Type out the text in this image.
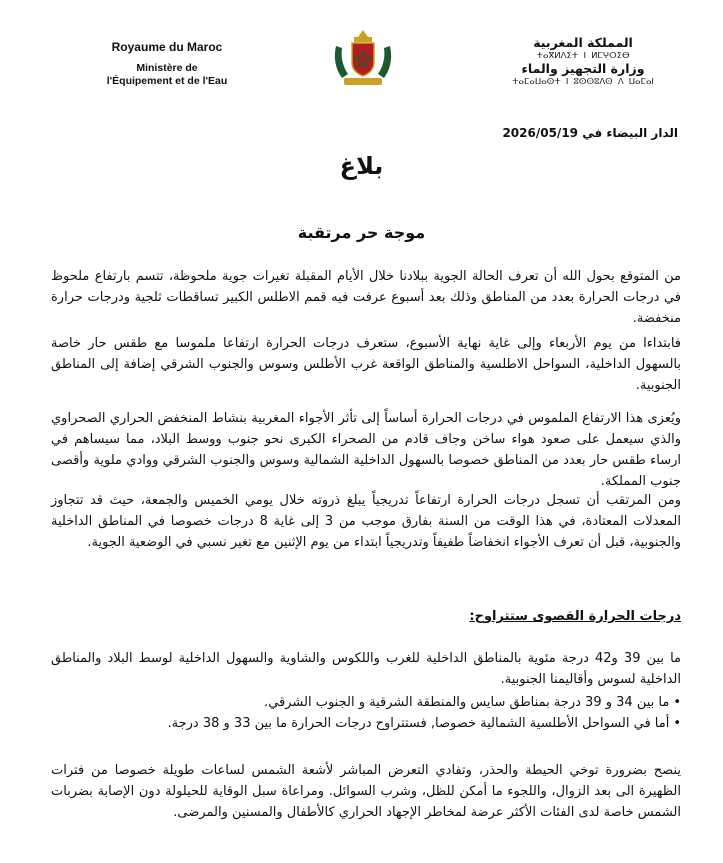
Royaume du Maroc
Ministère de
l'Équipement et de l'Eau
المملكة المغربية
ⵜⴰⴳⵍⴷⵉⵜ ⵏ ⵍⵎⵖⵔⵉⴱ
وزارة التجهيز والماء
ⵜⴰⵎⴰⵡⴰⵙⵜ ⵏ ⵓⵙⵙⵓⴷⵙ ⴷ ⵡⴰⵎⴰⵏ
الدار البيضاء في 2026/05/19
بلاغ
موجة حر مرتقبة
من المتوقع بحول الله أن تعرف الحالة الجوية ببلادنا خلال الأيام المقبلة تغيرات جوية ملحوظة، تتسم بارتفاع ملحوظ في درجات الحرارة بعدد من المناطق وذلك بعد أسبوع عرفت فيه قمم الاطلس الكبير تساقطات ثلجية ودرجات حرارة منخفضة.
فابتداءا من يوم الأربعاء وإلى غاية نهاية الأسبوع، ستعرف درجات الحرارة ارتفاعا ملموسا مع طقس حار خاصة بالسهول الداخلية، السواحل الاطلسية والمناطق الواقعة غرب الأطلس وسوس والجنوب الشرقي إضافة إلى المناطق الجنوبية.
ويُعزى هذا الارتفاع الملموس في درجات الحرارة أساساً إلى تأثر الأجواء المغربية بنشاط المنخفض الحراري الصحراوي والذي سيعمل على صعود هواء ساخن وجاف قادم من الصحراء الكبرى نحو جنوب ووسط البلاد، مما سيساهم في ارساء طقس حار بعدد من المناطق خصوصا بالسهول الداخلية الشمالية وسوس والجنوب الشرقي ووادي ملوية وأقصى جنوب المملكة.
ومن المرتقب أن تسجل درجات الحرارة ارتفاعاً تدريجياً يبلغ ذروته خلال يومي الخميس والجمعة، حيث قد تتجاوز المعدلات المعتادة، في هذا الوقت من السنة بفارق موجب من 3 إلى غاية 8 درجات خصوصا في المناطق الداخلية والجنوبية، قبل أن تعرف الأجواء انخفاضاً طفيفاً وتدريجياً ابتداء من يوم الإثنين مع تغير نسبي في الوضعية الجوية.
درجات الحرارة القصوى ستتراوح:
ما بين 39 و42 درجة مئوية بالمناطق الداخلية للغرب واللكوس والشاوية والسهول الداخلية لوسط البلاد والمناطق الداخلية لسوس وأقاليمنا الجنوبية.
• ما بين 34 و 39 درجة بمناطق سايس والمنطقة الشرقية و الجنوب الشرقي.
• أما في السواحل الأطلسية الشمالية خصوصا, فستتراوح درجات الحرارة ما بين 33 و 38 درجة.
ينصح بضرورة توخي الحيطة والحذر، وتفادي التعرض المباشر لأشعة الشمس لساعات طويلة خصوصا من فترات الظهيرة الى بعد الزوال، واللجوء ما أمكن للظل، وشرب السوائل. ومراعاة سبل الوقاية للحيلولة دون الإصابة بضربات الشمس خاصة لدى الفئات الأكثر عرضة لمخاطر الإجهاد الحراري كالأطفال والمسنين والمرضى.
